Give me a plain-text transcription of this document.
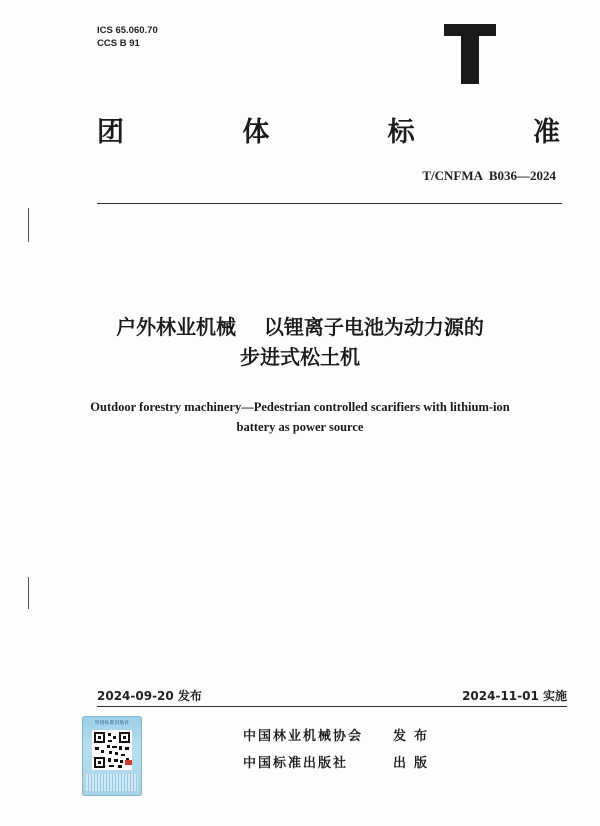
ICS 65.060.70
CCS B 91
团	体	标	准
T/CNFMA  B036—2024
户外林业机械    以锂离子电池为动力源的
步进式松土机
Outdoor forestry machinery—Pedestrian controlled scarifiers with lithium-ion
battery as power source
2024-09-20 发布	2024-11-01 实施
中国林业机械协会 发布
中国标准出版社	出版
中国标准出版社
